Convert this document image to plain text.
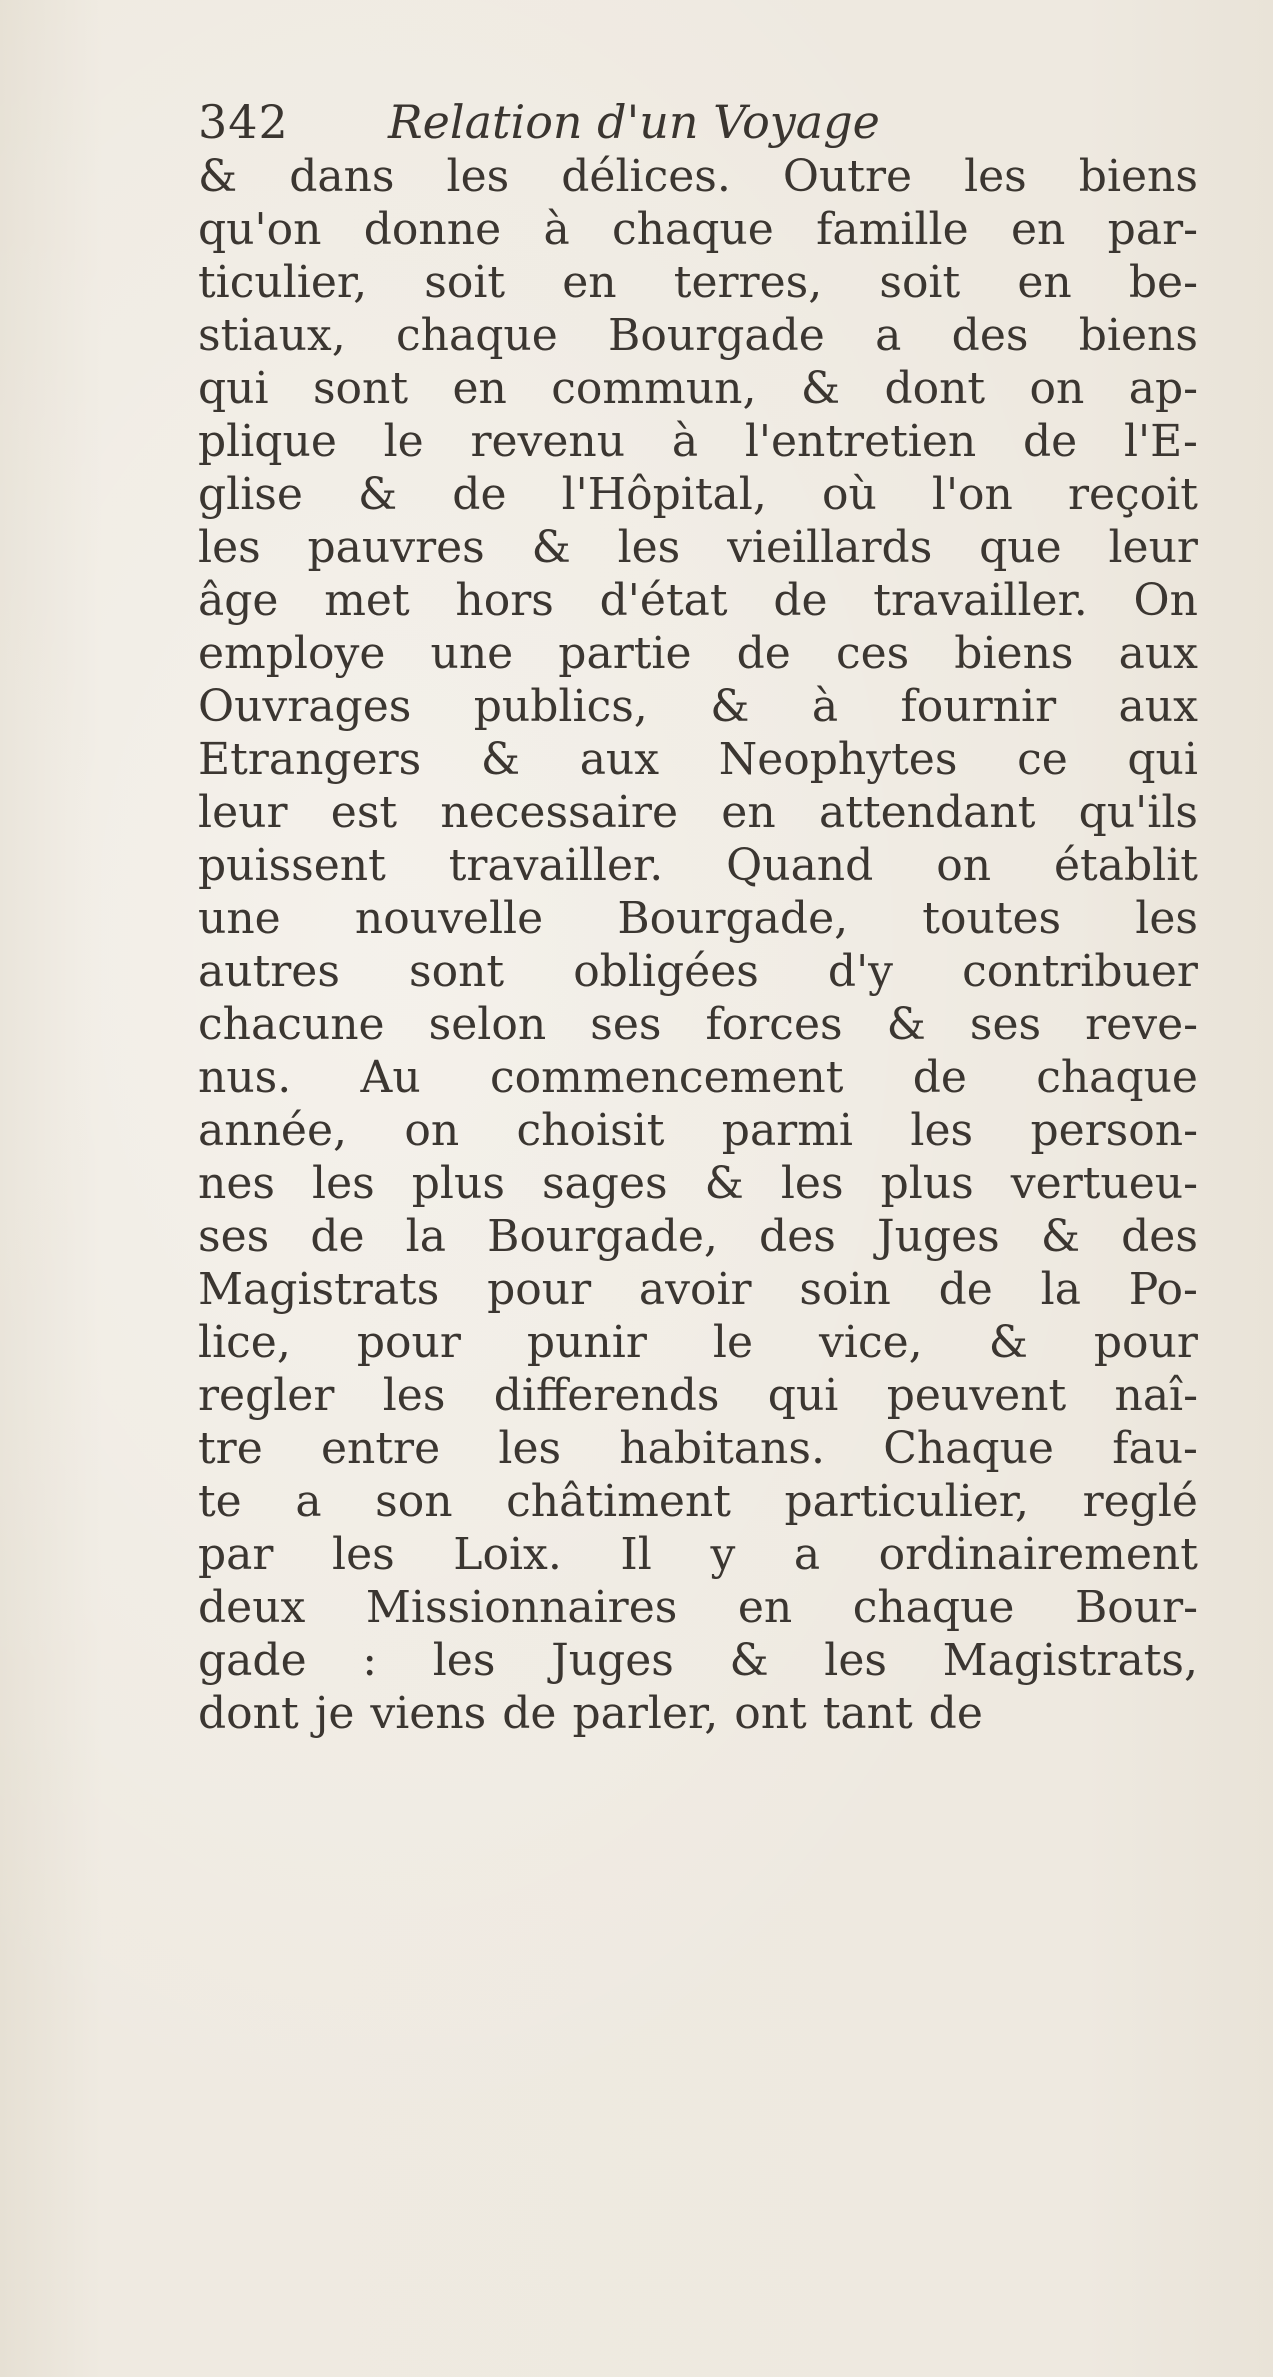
342 Relation d'un Voyage
& dans les délices. Outre les biens
qu'on donne à chaque famille en par-
ticulier, soit en terres, soit en be-
stiaux, chaque Bourgade a des biens
qui sont en commun, & dont on ap-
plique le revenu à l'entretien de l'E-
glise & de l'Hôpital, où l'on reçoit
les pauvres & les vieillards que leur
âge met hors d'état de travailler. On
employe une partie de ces biens aux
Ouvrages publics, & à fournir aux
Etrangers & aux Neophytes ce qui
leur est necessaire en attendant qu'ils
puissent travailler. Quand on établit
une nouvelle Bourgade, toutes les
autres sont obligées d'y contribuer
chacune selon ses forces & ses reve-
nus. Au commencement de chaque
année, on choisit parmi les person-
nes les plus sages & les plus vertueu-
ses de la Bourgade, des Juges & des
Magistrats pour avoir soin de la Po-
lice, pour punir le vice, & pour
regler les differends qui peuvent naî-
tre entre les habitans. Chaque fau-
te a son châtiment particulier, reglé
par les Loix. Il y a ordinairement
deux Missionnaires en chaque Bour-
gade : les Juges & les Magistrats,
dont je viens de parler, ont tant de
